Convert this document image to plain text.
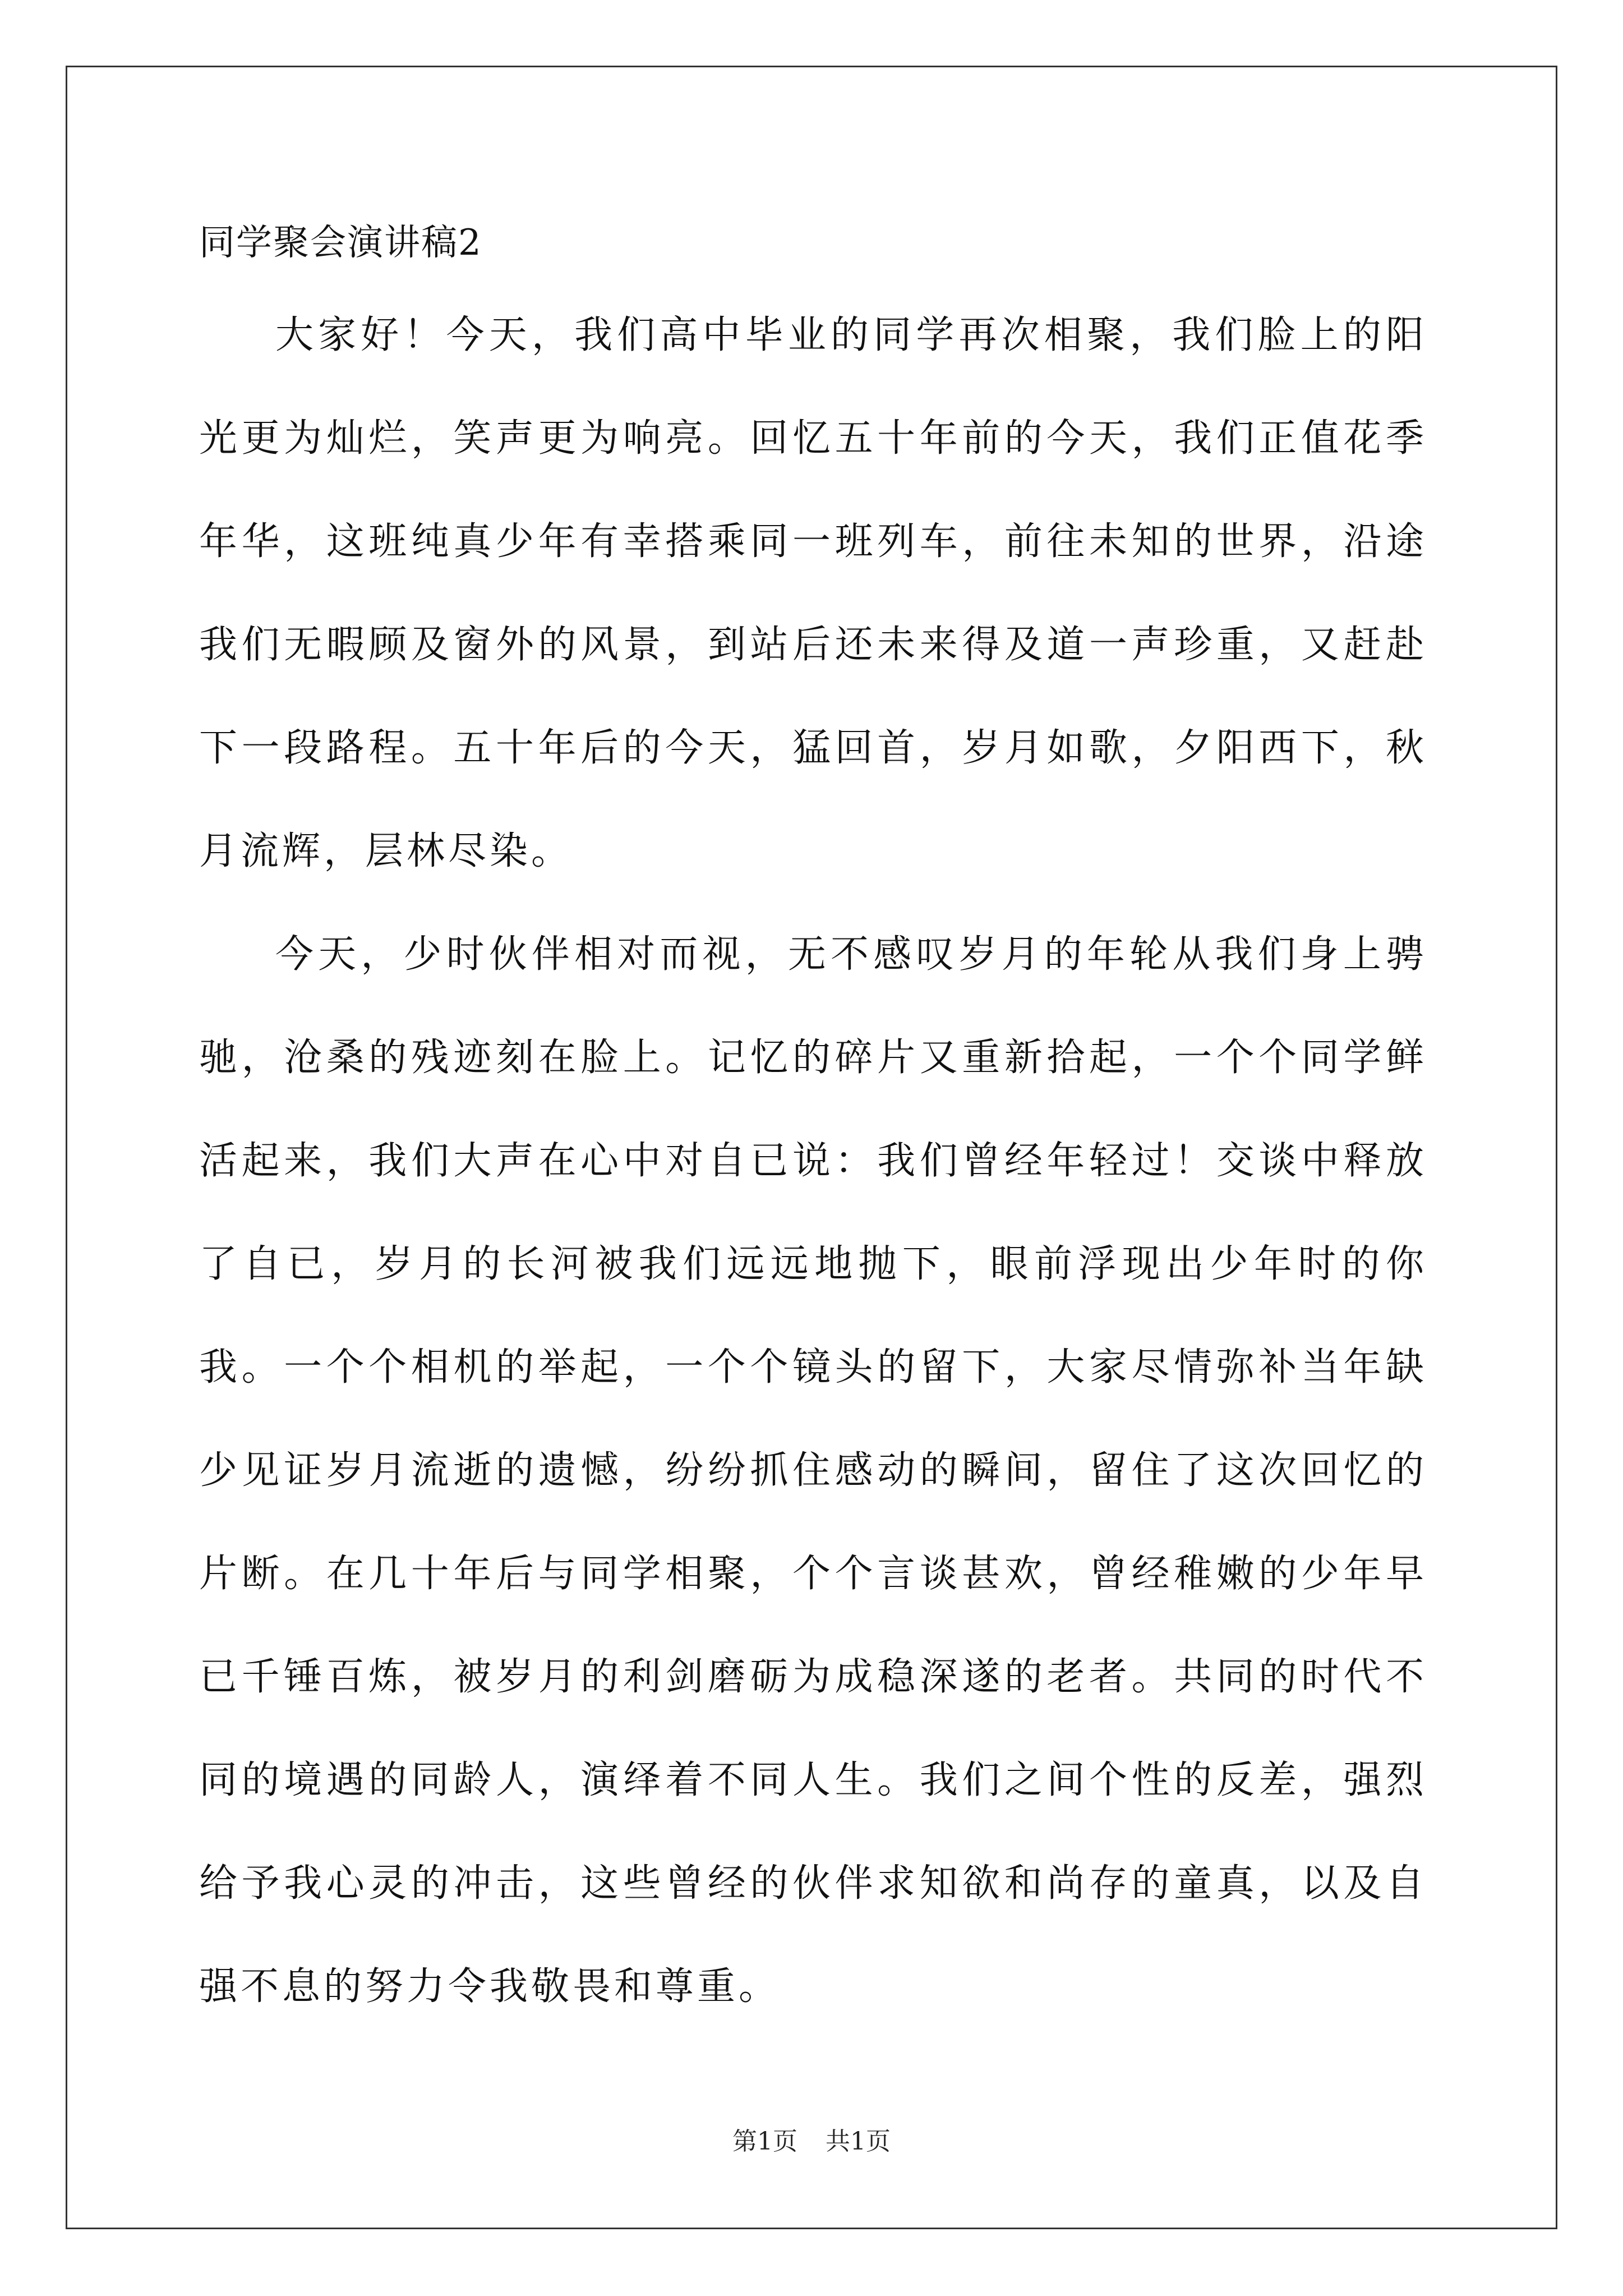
同学聚会演讲稿2

大家好！今天，我们高中毕业的同学再次相聚，我们脸上的阳光更为灿烂，笑声更为响亮。回忆五十年前的今天，我们正值花季年华，这班纯真少年有幸搭乘同一班列车，前往未知的世界，沿途我们无暇顾及窗外的风景，到站后还未来得及道一声珍重，又赶赴下一段路程。五十年后的今天，猛回首，岁月如歌，夕阳西下，秋月流辉，层林尽染。

今天，少时伙伴相对而视，无不感叹岁月的年轮从我们身上骋驰，沧桑的残迹刻在脸上。记忆的碎片又重新拾起，一个个同学鲜活起来，我们大声在心中对自已说：我们曾经年轻过！交谈中释放了自已，岁月的长河被我们远远地抛下，眼前浮现出少年时的你我。一个个相机的举起，一个个镜头的留下，大家尽情弥补当年缺少见证岁月流逝的遗憾，纷纷抓住感动的瞬间，留住了这次回忆的片断。在几十年后与同学相聚，个个言谈甚欢，曾经稚嫩的少年早已千锤百炼，被岁月的利剑磨砺为成稳深遂的老者。共同的时代不同的境遇的同龄人，演绎着不同人生。我们之间个性的反差，强烈给予我心灵的冲击，这些曾经的伙伴求知欲和尚存的童真，以及自强不息的努力令我敬畏和尊重。

第1页 共1页
